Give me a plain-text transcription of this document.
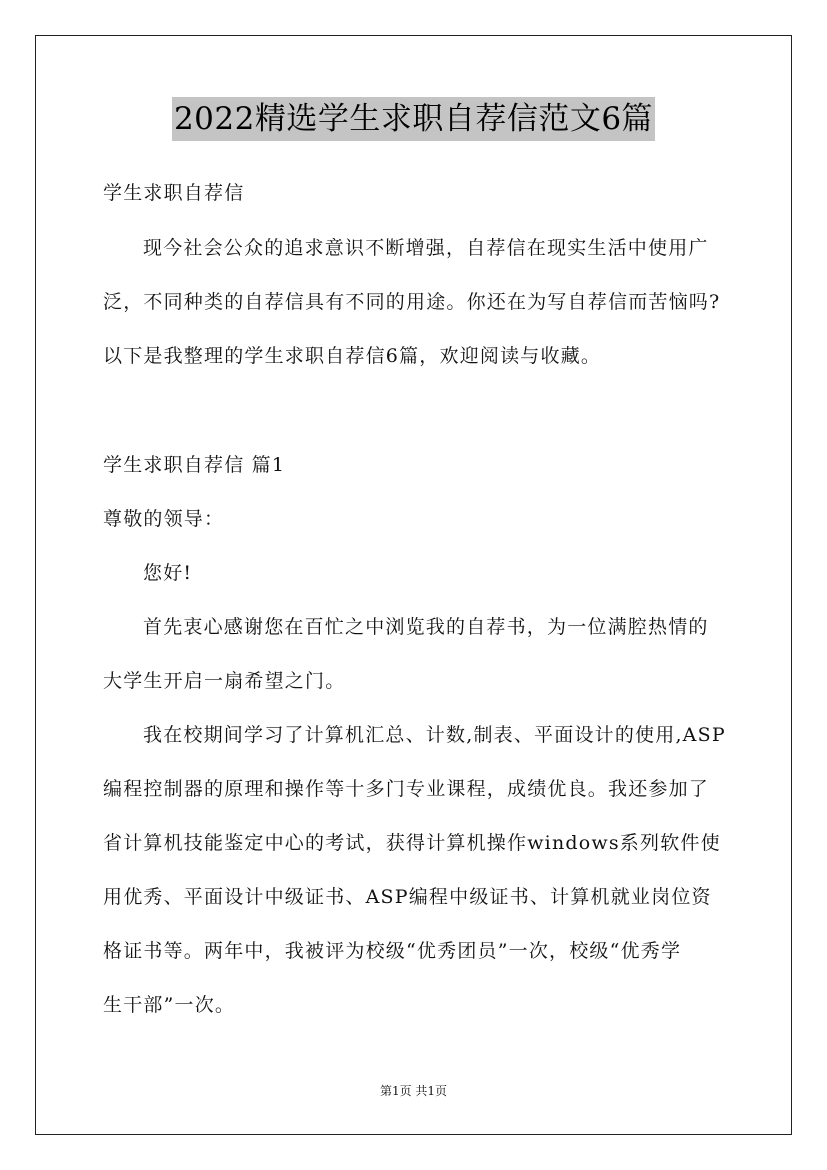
2022精选学生求职自荐信范文6篇
学生求职自荐信
现今社会公众的追求意识不断增强，自荐信在现实生活中使用广
泛，不同种类的自荐信具有不同的用途。你还在为写自荐信而苦恼吗?
以下是我整理的学生求职自荐信6篇，欢迎阅读与收藏。
学生求职自荐信 篇1
尊敬的领导：
您好!
首先衷心感谢您在百忙之中浏览我的自荐书，为一位满腔热情的
大学生开启一扇希望之门。
我在校期间学习了计算机汇总、计数,制表、平面设计的使用,ASP
编程控制器的原理和操作等十多门专业课程，成绩优良。我还参加了
省计算机技能鉴定中心的考试，获得计算机操作windows系列软件使
用优秀、平面设计中级证书、ASP编程中级证书、计算机就业岗位资
格证书等。两年中，我被评为校级“优秀团员”一次，校级“优秀学
生干部”一次。
第1页 共1页
